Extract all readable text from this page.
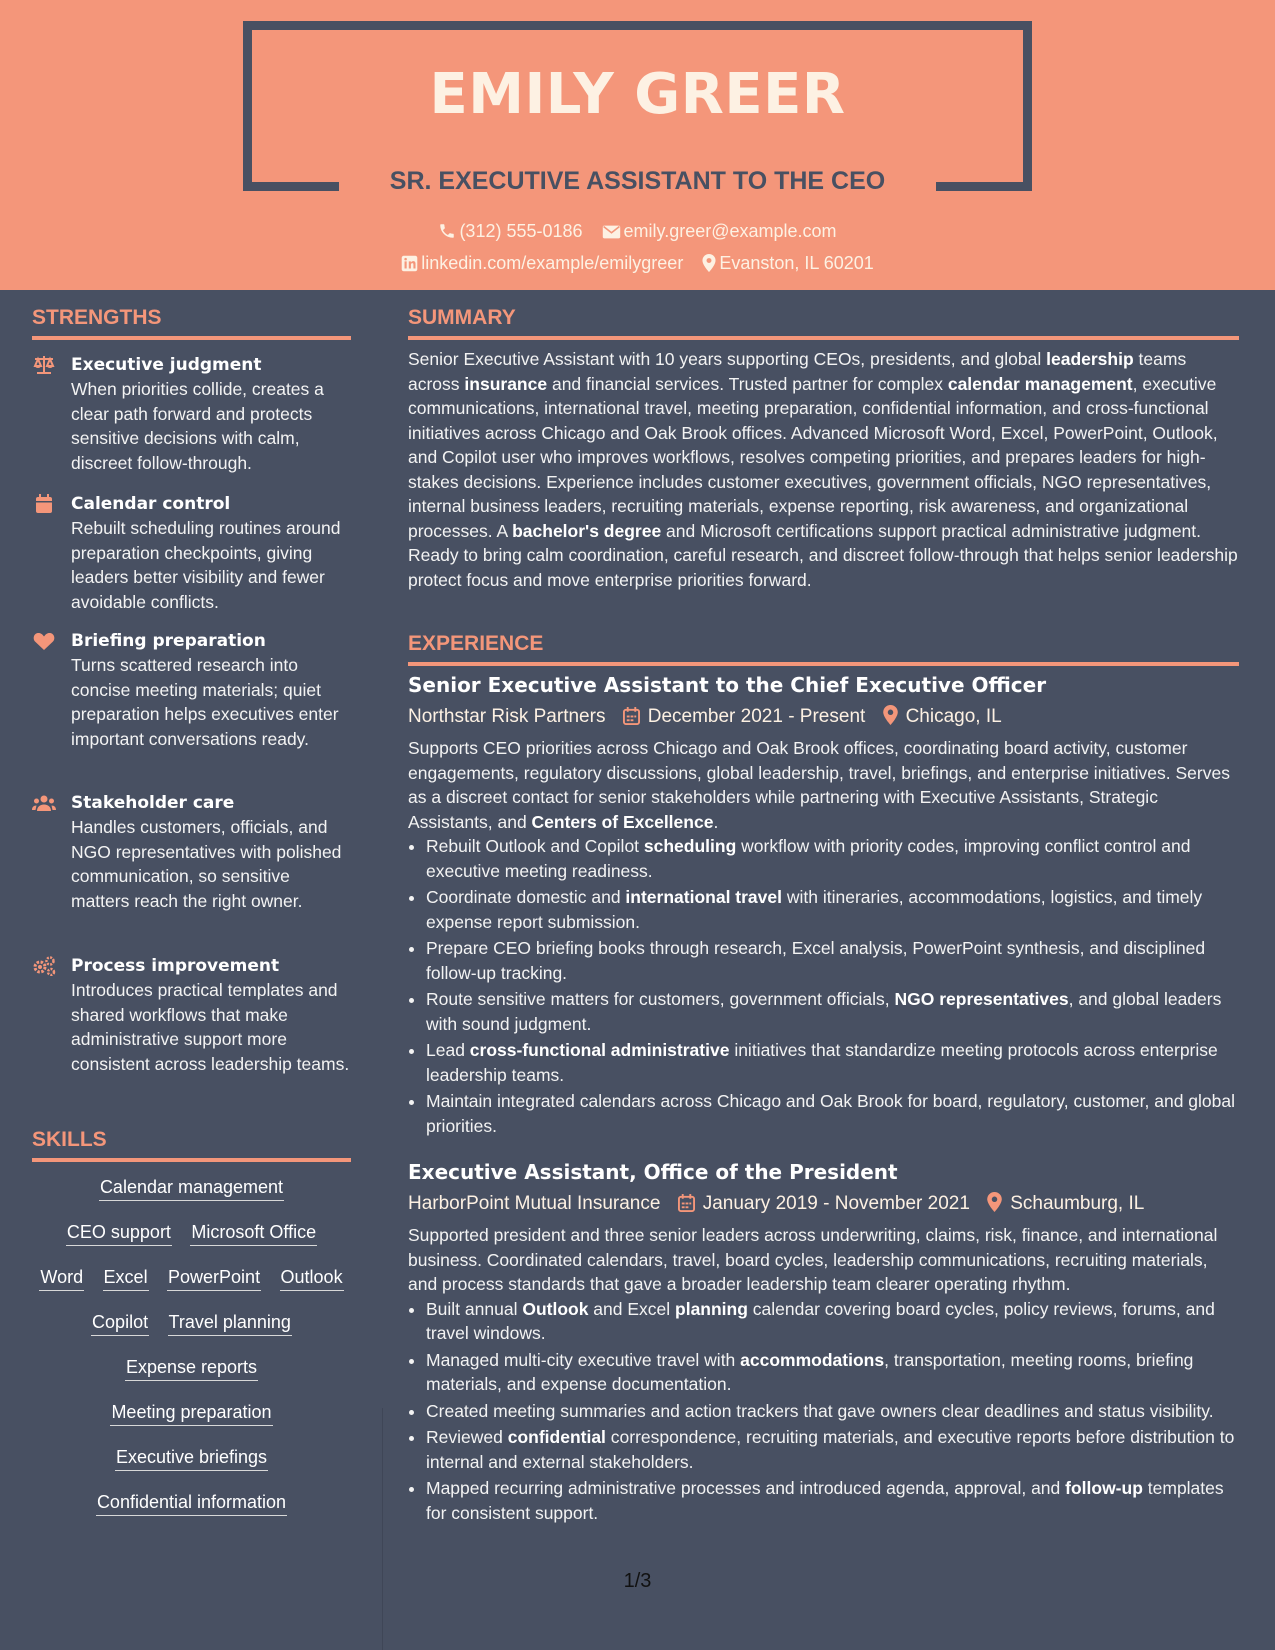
EMILY GREER
SR. EXECUTIVE ASSISTANT TO THE CEO
(312) 555-0186 emily.greer@example.com
linkedin.com/example/emilygreer Evanston, IL 60201
STRENGTHS
Executive judgment
When priorities collide, creates a clear path forward and protects sensitive decisions with calm, discreet follow-through.
Calendar control
Rebuilt scheduling routines around preparation checkpoints, giving leaders better visibility and fewer avoidable conflicts.
Briefing preparation
Turns scattered research into concise meeting materials; quiet preparation helps executives enter important conversations ready.
Stakeholder care
Handles customers, officials, and NGO representatives with polished communication, so sensitive matters reach the right owner.
Process improvement
Introduces practical templates and shared workflows that make administrative support more consistent across leadership teams.
SKILLS
Calendar management
CEO support Microsoft Office
Word Excel PowerPoint Outlook
Copilot Travel planning
Expense reports
Meeting preparation
Executive briefings
Confidential information
SUMMARY
Senior Executive Assistant with 10 years supporting CEOs, presidents, and global leadership teams across insurance and financial services. Trusted partner for complex calendar management, executive communications, international travel, meeting preparation, confidential information, and cross-functional initiatives across Chicago and Oak Brook offices. Advanced Microsoft Word, Excel, PowerPoint, Outlook, and Copilot user who improves workflows, resolves competing priorities, and prepares leaders for high-stakes decisions. Experience includes customer executives, government officials, NGO representatives, internal business leaders, recruiting materials, expense reporting, risk awareness, and organizational processes. A bachelor's degree and Microsoft certifications support practical administrative judgment. Ready to bring calm coordination, careful research, and discreet follow-through that helps senior leadership protect focus and move enterprise priorities forward.
EXPERIENCE
Senior Executive Assistant to the Chief Executive Officer
Northstar Risk Partners December 2021 - Present Chicago, IL
Supports CEO priorities across Chicago and Oak Brook offices, coordinating board activity, customer engagements, regulatory discussions, global leadership, travel, briefings, and enterprise initiatives. Serves as a discreet contact for senior stakeholders while partnering with Executive Assistants, Strategic Assistants, and Centers of Excellence.
• Rebuilt Outlook and Copilot scheduling workflow with priority codes, improving conflict control and executive meeting readiness.
• Coordinate domestic and international travel with itineraries, accommodations, logistics, and timely expense report submission.
• Prepare CEO briefing books through research, Excel analysis, PowerPoint synthesis, and disciplined follow-up tracking.
• Route sensitive matters for customers, government officials, NGO representatives, and global leaders with sound judgment.
• Lead cross-functional administrative initiatives that standardize meeting protocols across enterprise leadership teams.
• Maintain integrated calendars across Chicago and Oak Brook for board, regulatory, customer, and global priorities.
Executive Assistant, Office of the President
HarborPoint Mutual Insurance January 2019 - November 2021 Schaumburg, IL
Supported president and three senior leaders across underwriting, claims, risk, finance, and international business. Coordinated calendars, travel, board cycles, leadership communications, recruiting materials, and process standards that gave a broader leadership team clearer operating rhythm.
• Built annual Outlook and Excel planning calendar covering board cycles, policy reviews, forums, and travel windows.
• Managed multi-city executive travel with accommodations, transportation, meeting rooms, briefing materials, and expense documentation.
• Created meeting summaries and action trackers that gave owners clear deadlines and status visibility.
• Reviewed confidential correspondence, recruiting materials, and executive reports before distribution to internal and external stakeholders.
• Mapped recurring administrative processes and introduced agenda, approval, and follow-up templates for consistent support.
1/3
